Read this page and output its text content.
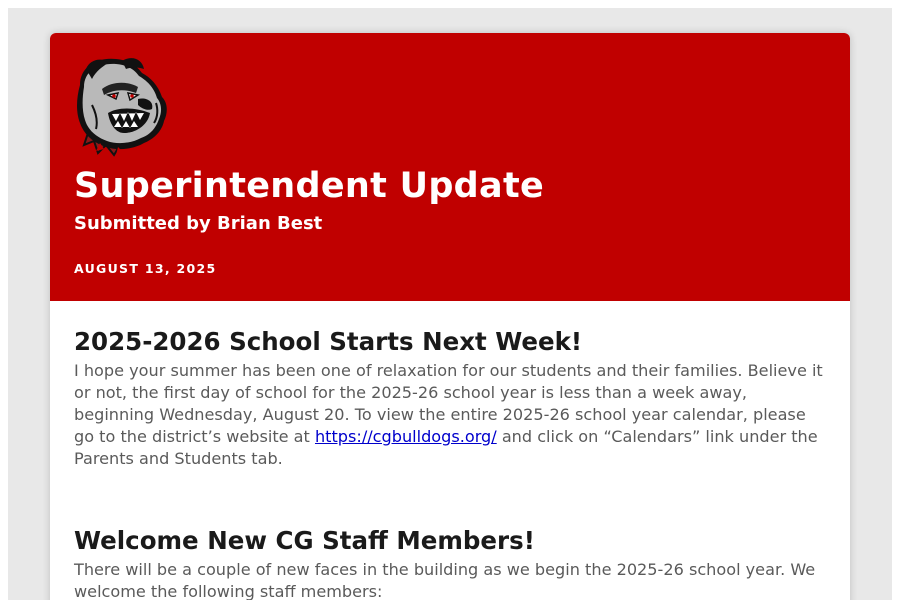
Superintendent Update

Submitted by Brian Best

AUGUST 13, 2025
2025-2026 School Starts Next Week!

I hope your summer has been one of relaxation for our students and their families. Believe it or not, the first day of school for the 2025-26 school year is less than a week away, beginning Wednesday, August 20. To view the entire 2025-26 school year calendar, please go to the district’s website at https://cgbulldogs.org/ and click on “Calendars” link under the Parents and Students tab.

Welcome New CG Staff Members!

There will be a couple of new faces in the building as we begin the 2025-26 school year. We welcome the following staff members:
